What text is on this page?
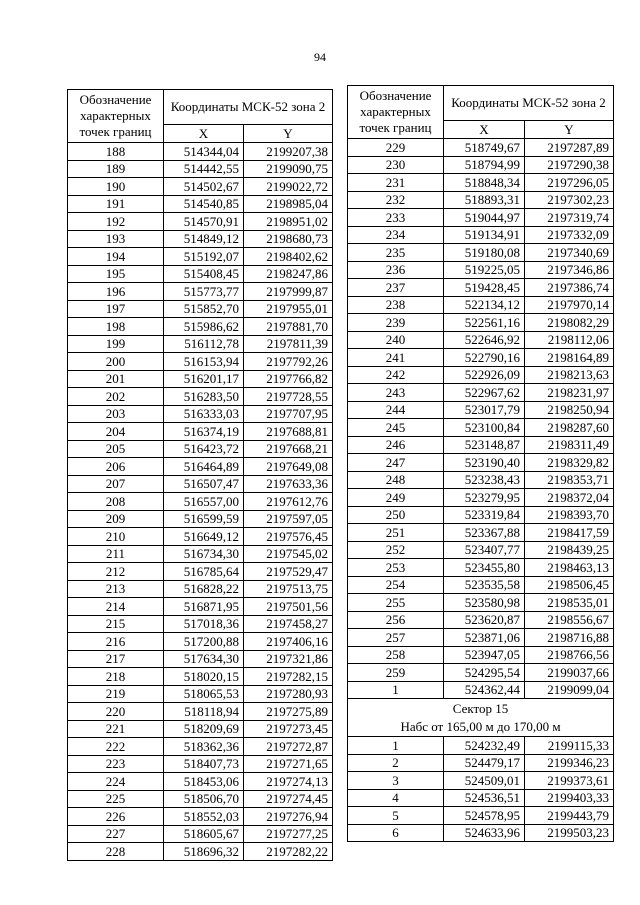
94
Обозначение характерных точек границ	Координаты МСК-52 зона 2	
	X	Y
188	514344,04	2199207,38
189	514442,55	2199090,75
190	514502,67	2199022,72
191	514540,85	2198985,04
192	514570,91	2198951,02
193	514849,12	2198680,73
194	515192,07	2198402,62
195	515408,45	2198247,86
196	515773,77	2197999,87
197	515852,70	2197955,01
198	515986,62	2197881,70
199	516112,78	2197811,39
200	516153,94	2197792,26
201	516201,17	2197766,82
202	516283,50	2197728,55
203	516333,03	2197707,95
204	516374,19	2197688,81
205	516423,72	2197668,21
206	516464,89	2197649,08
207	516507,47	2197633,36
208	516557,00	2197612,76
209	516599,59	2197597,05
210	516649,12	2197576,45
211	516734,30	2197545,02
212	516785,64	2197529,47
213	516828,22	2197513,75
214	516871,95	2197501,56
215	517018,36	2197458,27
216	517200,88	2197406,16
217	517634,30	2197321,86
218	518020,15	2197282,15
219	518065,53	2197280,93
220	518118,94	2197275,89
221	518209,69	2197273,45
222	518362,36	2197272,87
223	518407,73	2197271,65
224	518453,06	2197274,13
225	518506,70	2197274,45
226	518552,03	2197276,94
227	518605,67	2197277,25
228	518696,32	2197282,22
Обозначение характерных точек границ	Координаты МСК-52 зона 2	
	X	Y
229	518749,67	2197287,89
230	518794,99	2197290,38
231	518848,34	2197296,05
232	518893,31	2197302,23
233	519044,97	2197319,74
234	519134,91	2197332,09
235	519180,08	2197340,69
236	519225,05	2197346,86
237	519428,45	2197386,74
238	522134,12	2197970,14
239	522561,16	2198082,29
240	522646,92	2198112,06
241	522790,16	2198164,89
242	522926,09	2198213,63
243	522967,62	2198231,97
244	523017,79	2198250,94
245	523100,84	2198287,60
246	523148,87	2198311,49
247	523190,40	2198329,82
248	523238,43	2198353,71
249	523279,95	2198372,04
250	523319,84	2198393,70
251	523367,88	2198417,59
252	523407,77	2198439,25
253	523455,80	2198463,13
254	523535,58	2198506,45
255	523580,98	2198535,01
256	523620,87	2198556,67
257	523871,06	2198716,88
258	523947,05	2198766,56
259	524295,54	2199037,66
1	524362,44	2199099,04

Сектор 15
Набс от 165,00 м до 170,00 м		

1	524232,49	2199115,33
2	524479,17	2199346,23
3	524509,01	2199373,61
4	524536,51	2199403,33
5	524578,95	2199443,79
6	524633,96	2199503,23
